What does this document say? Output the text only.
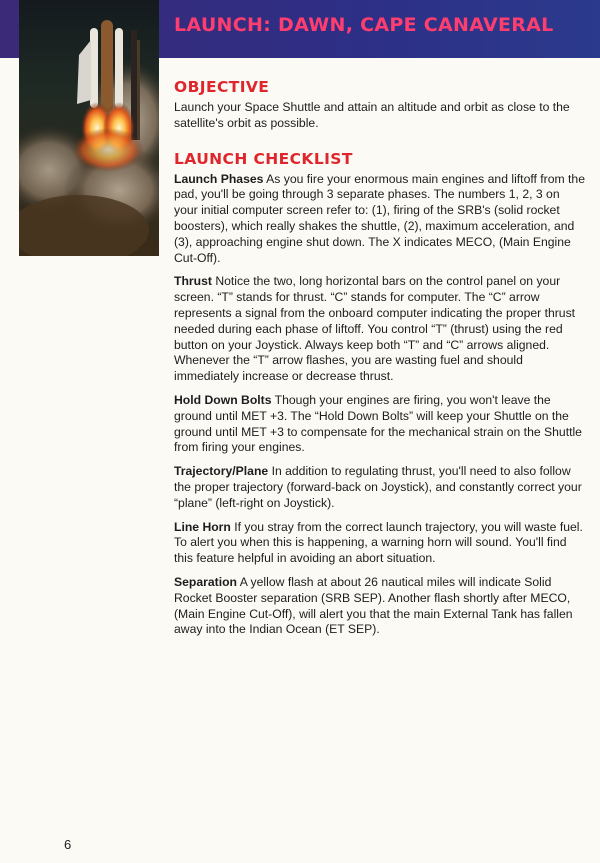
LAUNCH: DAWN, CAPE CANAVERAL
OBJECTIVE

Launch your Space Shuttle and attain an altitude and orbit as close to the satellite's orbit as possible.

LAUNCH CHECKLIST

Launch Phases As you fire your enormous main engines and liftoff from the pad, you'll be going through 3 separate phases. The numbers 1, 2, 3 on your initial computer screen refer to: (1), firing of the SRB's (solid rocket boosters), which really shakes the shuttle, (2), maximum acceleration, and (3), approaching engine shut down. The X indicates MECO, (Main Engine Cut-Off).

Thrust Notice the two, long horizontal bars on the control panel on your screen. “T” stands for thrust. “C” stands for computer. The “C” arrow represents a signal from the onboard computer indicating the proper thrust needed during each phase of liftoff. You control “T” (thrust) using the red button on your Joystick. Always keep both “T” and “C” arrows aligned. Whenever the “T” arrow flashes, you are wasting fuel and should immediately increase or decrease thrust.

Hold Down Bolts Though your engines are firing, you won't leave the ground until MET +3. The “Hold Down Bolts” will keep your Shuttle on the ground until MET +3 to compensate for the mechanical strain on the Shuttle from firing your engines.

Trajectory/Plane In addition to regulating thrust, you'll need to also follow the proper trajectory (forward-back on Joystick), and constantly correct your “plane” (left-right on Joystick).

Line Horn If you stray from the correct launch trajectory, you will waste fuel. To alert you when this is happening, a warning horn will sound. You'll find this feature helpful in avoiding an abort situation.

Separation A yellow flash at about 26 nautical miles will indicate Solid Rocket Booster separation (SRB SEP). Another flash shortly after MECO, (Main Engine Cut-Off), will alert you that the main External Tank has fallen away into the Indian Ocean (ET SEP).

6
